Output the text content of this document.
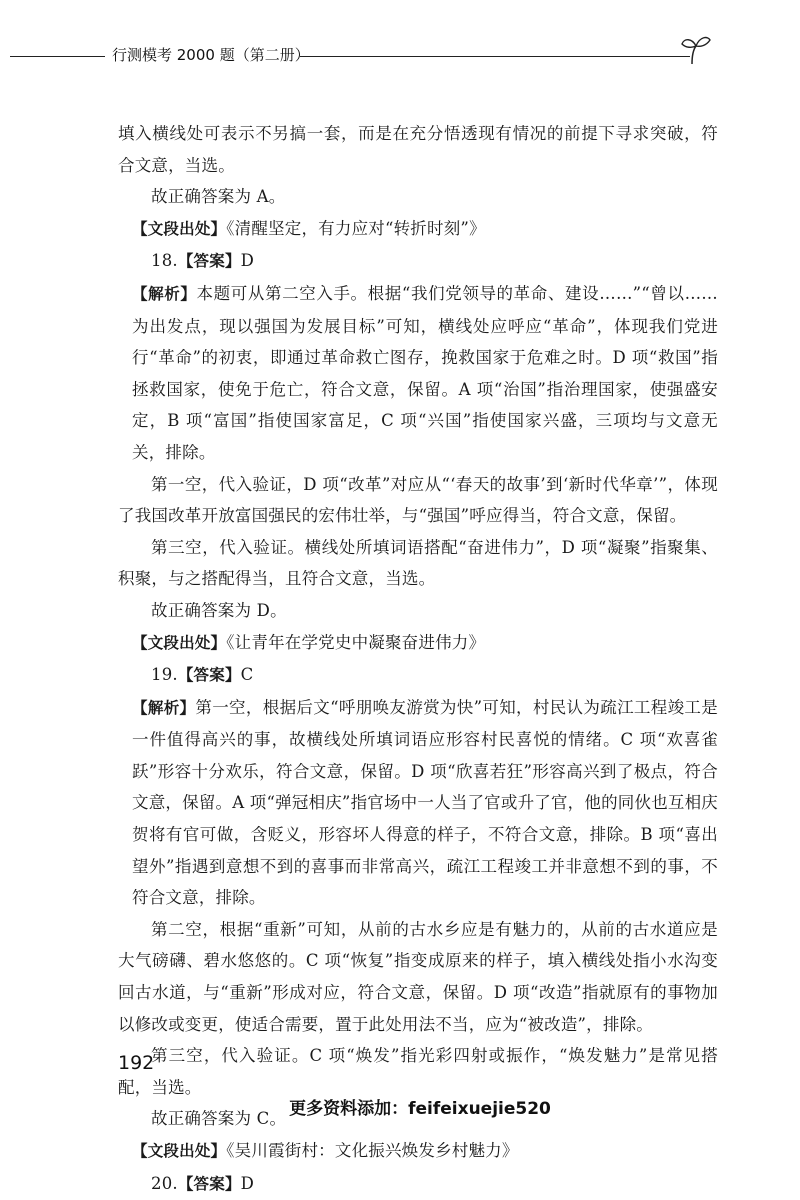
行测模考 2000 题（第二册）

填入横线处可表示不另搞一套，而是在充分悟透现有情况的前提下寻求突破，符合文意，当选。

故正确答案为 A。

【文段出处】《清醒坚定，有力应对“转折时刻”》

18.【答案】D

【解析】本题可从第二空入手。根据“我们党领导的革命、建设……”“曾以……为出发点，现以强国为发展目标”可知，横线处应呼应“革命”，体现我们党进行“革命”的初衷，即通过革命救亡图存，挽救国家于危难之时。D 项“救国”指拯救国家，使免于危亡，符合文意，保留。A 项“治国”指治理国家，使强盛安定，B 项“富国”指使国家富足，C 项“兴国”指使国家兴盛，三项均与文意无关，排除。

第一空，代入验证，D 项“改革”对应从“‘春天的故事’到‘新时代华章’”，体现了我国改革开放富国强民的宏伟壮举，与“强国”呼应得当，符合文意，保留。

第三空，代入验证。横线处所填词语搭配“奋进伟力”，D 项“凝聚”指聚集、积聚，与之搭配得当，且符合文意，当选。

故正确答案为 D。

【文段出处】《让青年在学党史中凝聚奋进伟力》

19.【答案】C

【解析】第一空，根据后文“呼朋唤友游赏为快”可知，村民认为疏江工程竣工是一件值得高兴的事，故横线处所填词语应形容村民喜悦的情绪。C 项“欢喜雀跃”形容十分欢乐，符合文意，保留。D 项“欣喜若狂”形容高兴到了极点，符合文意，保留。A 项“弹冠相庆”指官场中一人当了官或升了官，他的同伙也互相庆贺将有官可做，含贬义，形容坏人得意的样子，不符合文意，排除。B 项“喜出望外”指遇到意想不到的喜事而非常高兴，疏江工程竣工并非意想不到的事，不符合文意，排除。

第二空，根据“重新”可知，从前的古水乡应是有魅力的，从前的古水道应是大气磅礴、碧水悠悠的。C 项“恢复”指变成原来的样子，填入横线处指小水沟变回古水道，与“重新”形成对应，符合文意，保留。D 项“改造”指就原有的事物加以修改或变更，使适合需要，置于此处用法不当，应为“被改造”，排除。

第三空，代入验证。C 项“焕发”指光彩四射或振作，“焕发魅力”是常见搭配，当选。

故正确答案为 C。

【文段出处】《吴川霞街村：文化振兴焕发乡村魅力》

20.【答案】D

192
更多资料添加：feifeixuejie520
